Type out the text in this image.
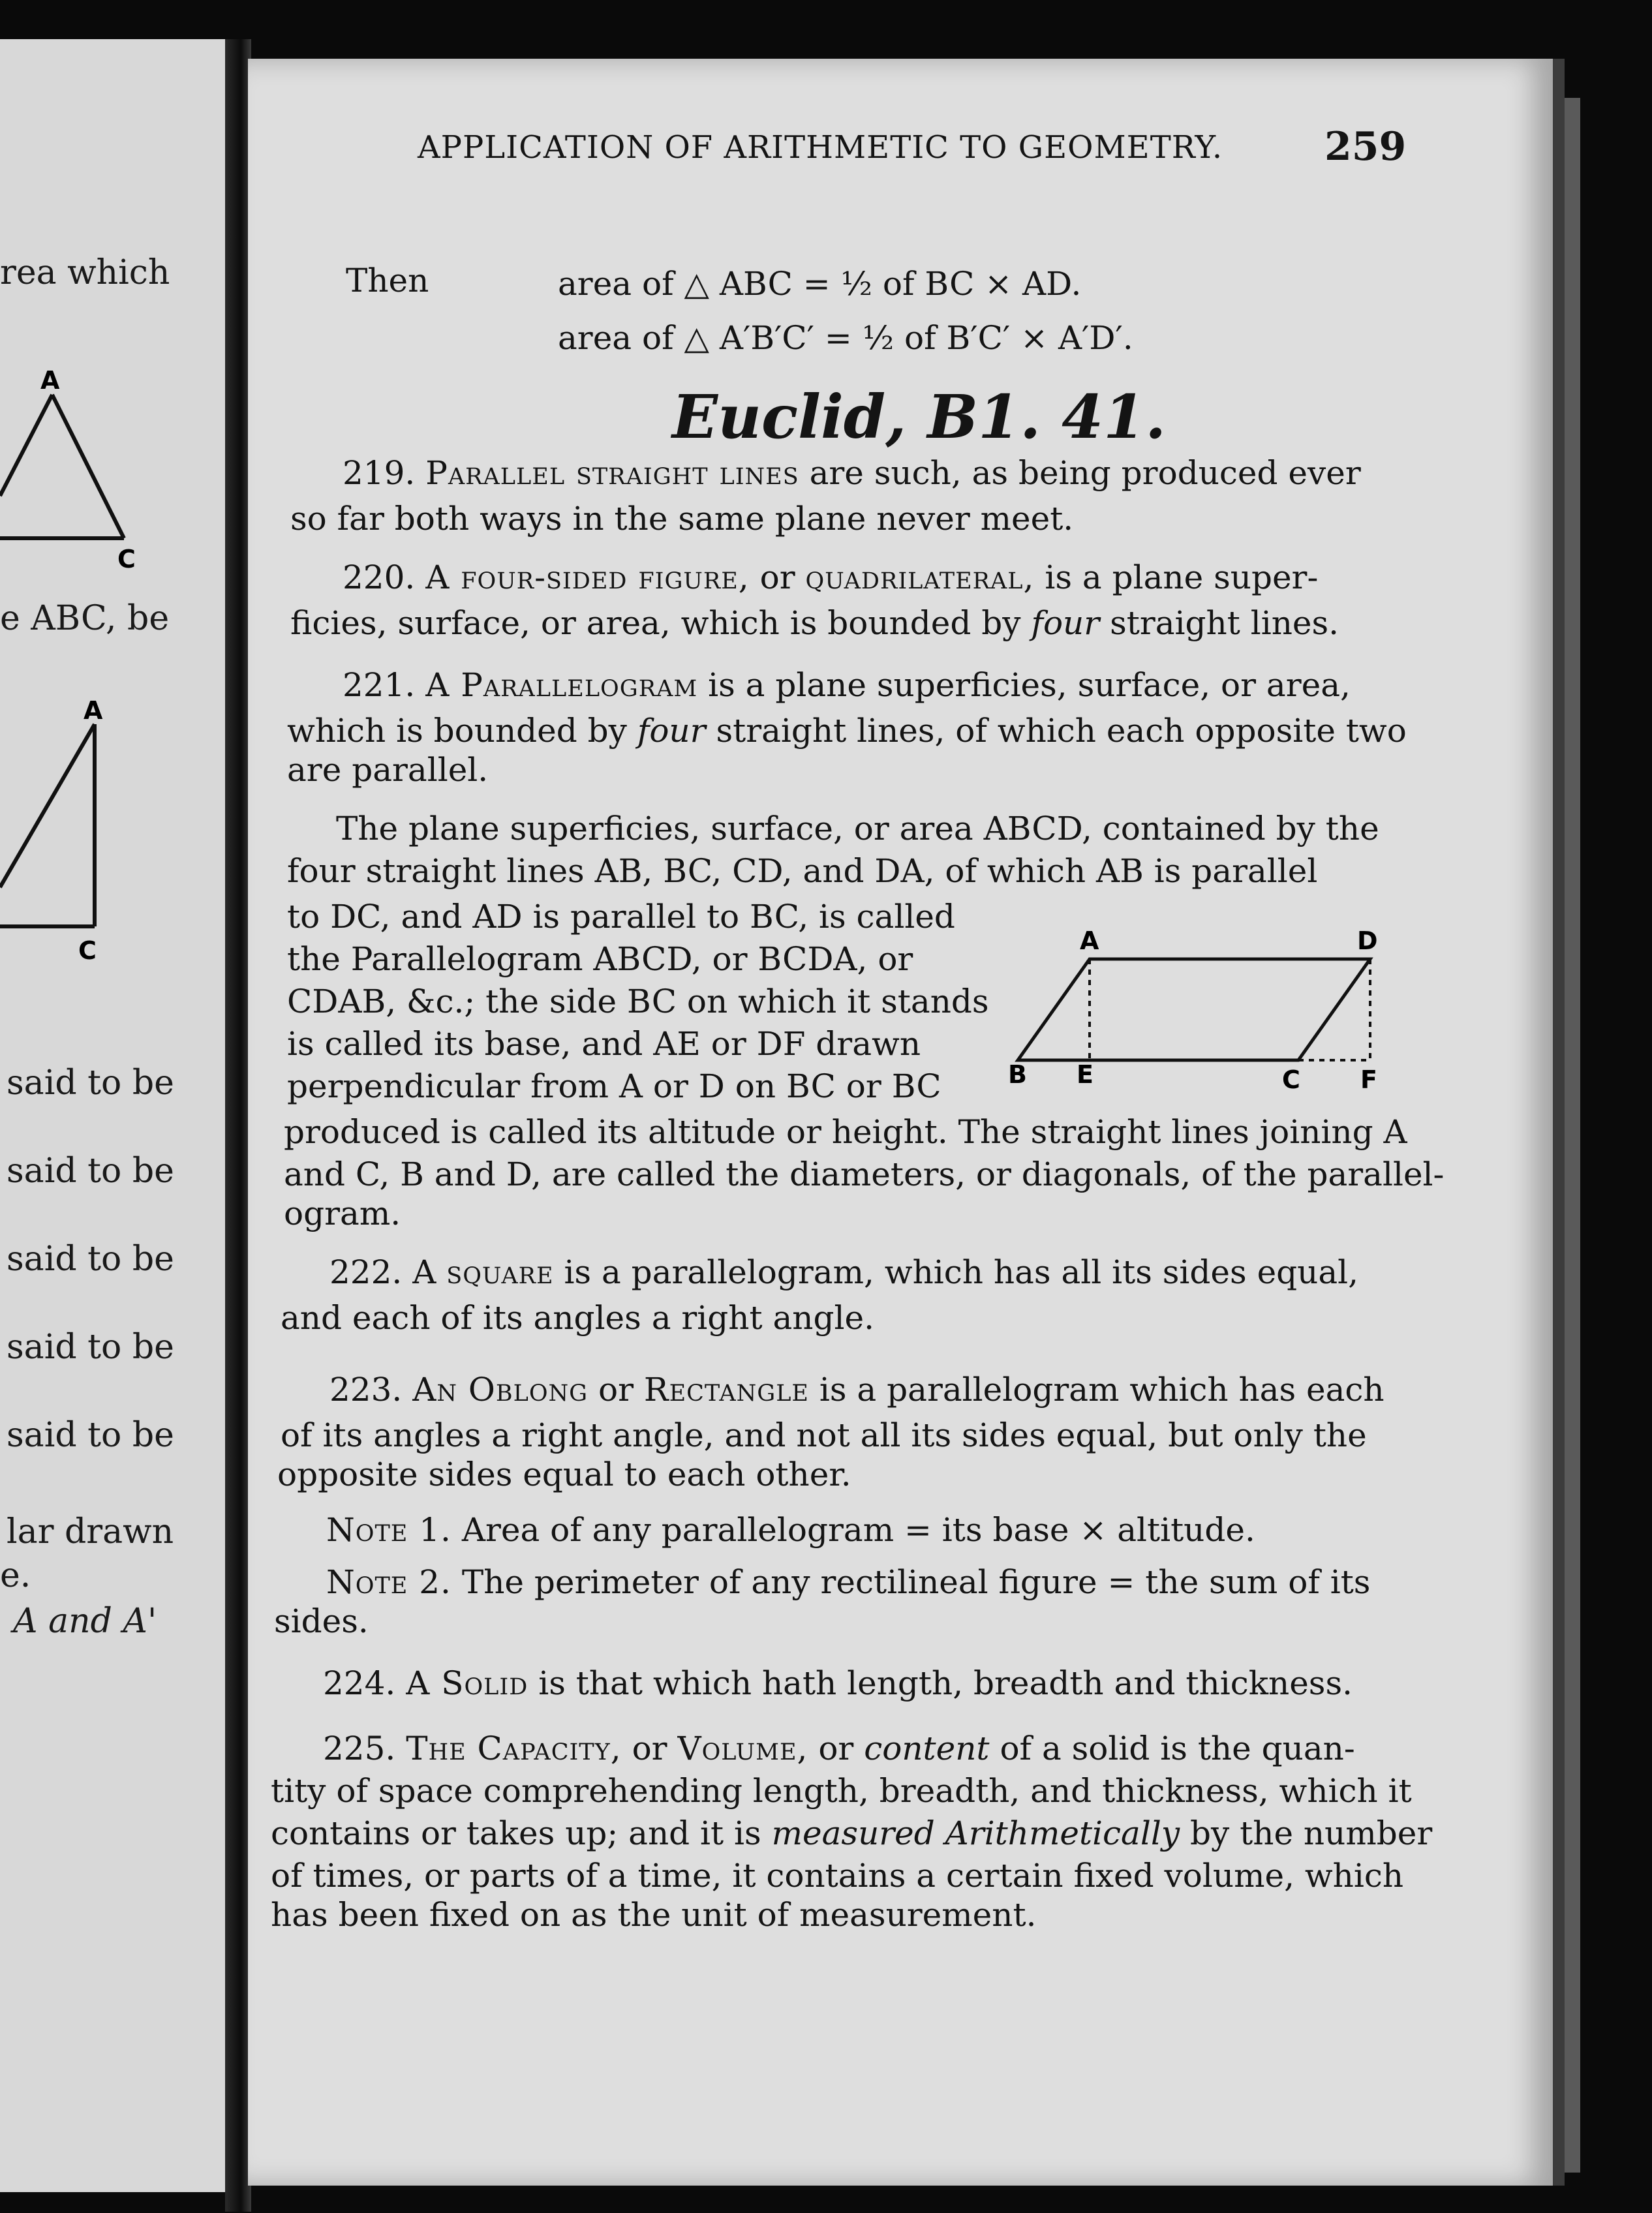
rea which
A
C
e ABC, be
A
C
said to be
said to be
said to be
said to be
said to be
lar drawn
e.
A and A'
APPLICATION OF ARITHMETIC TO GEOMETRY.	259
Then	area of △ ABC = ½ of BC × AD.
area of △ A′B′C′ = ½ of B′C′ × A′D′.
Euclid, B1. 41.
219. Parallel straight lines are such, as being produced ever
so far both ways in the same plane never meet.
220. A four-sided figure, or quadrilateral, is a plane super-
ficies, surface, or area, which is bounded by four straight lines.
221. A Parallelogram is a plane superficies, surface, or area,
which is bounded by four straight lines, of which each opposite two
are parallel.
The plane superficies, surface, or area ABCD, contained by the
four straight lines AB, BC, CD, and DA, of which AB is parallel
to DC, and AD is parallel to BC, is called
the Parallelogram ABCD, or BCDA, or
CDAB, &c.; the side BC on which it stands
is called its base, and AE or DF drawn
perpendicular from A or D on BC or BC
produced is called its altitude or height. The straight lines joining A
and C, B and D, are called the diameters, or diagonals, of the parallel-
ogram.
A	D
B E	C F
222. A square is a parallelogram, which has all its sides equal,
and each of its angles a right angle.
223. An Oblong or Rectangle is a parallelogram which has each
of its angles a right angle, and not all its sides equal, but only the
opposite sides equal to each other.
Note 1. Area of any parallelogram = its base × altitude.
Note 2. The perimeter of any rectilineal figure = the sum of its
sides.
224. A Solid is that which hath length, breadth and thickness.
225. The Capacity, or Volume, or content of a solid is the quan-
tity of space comprehending length, breadth, and thickness, which it
contains or takes up; and it is measured Arithmetically by the number
of times, or parts of a time, it contains a certain fixed volume, which
has been fixed on as the unit of measurement.
